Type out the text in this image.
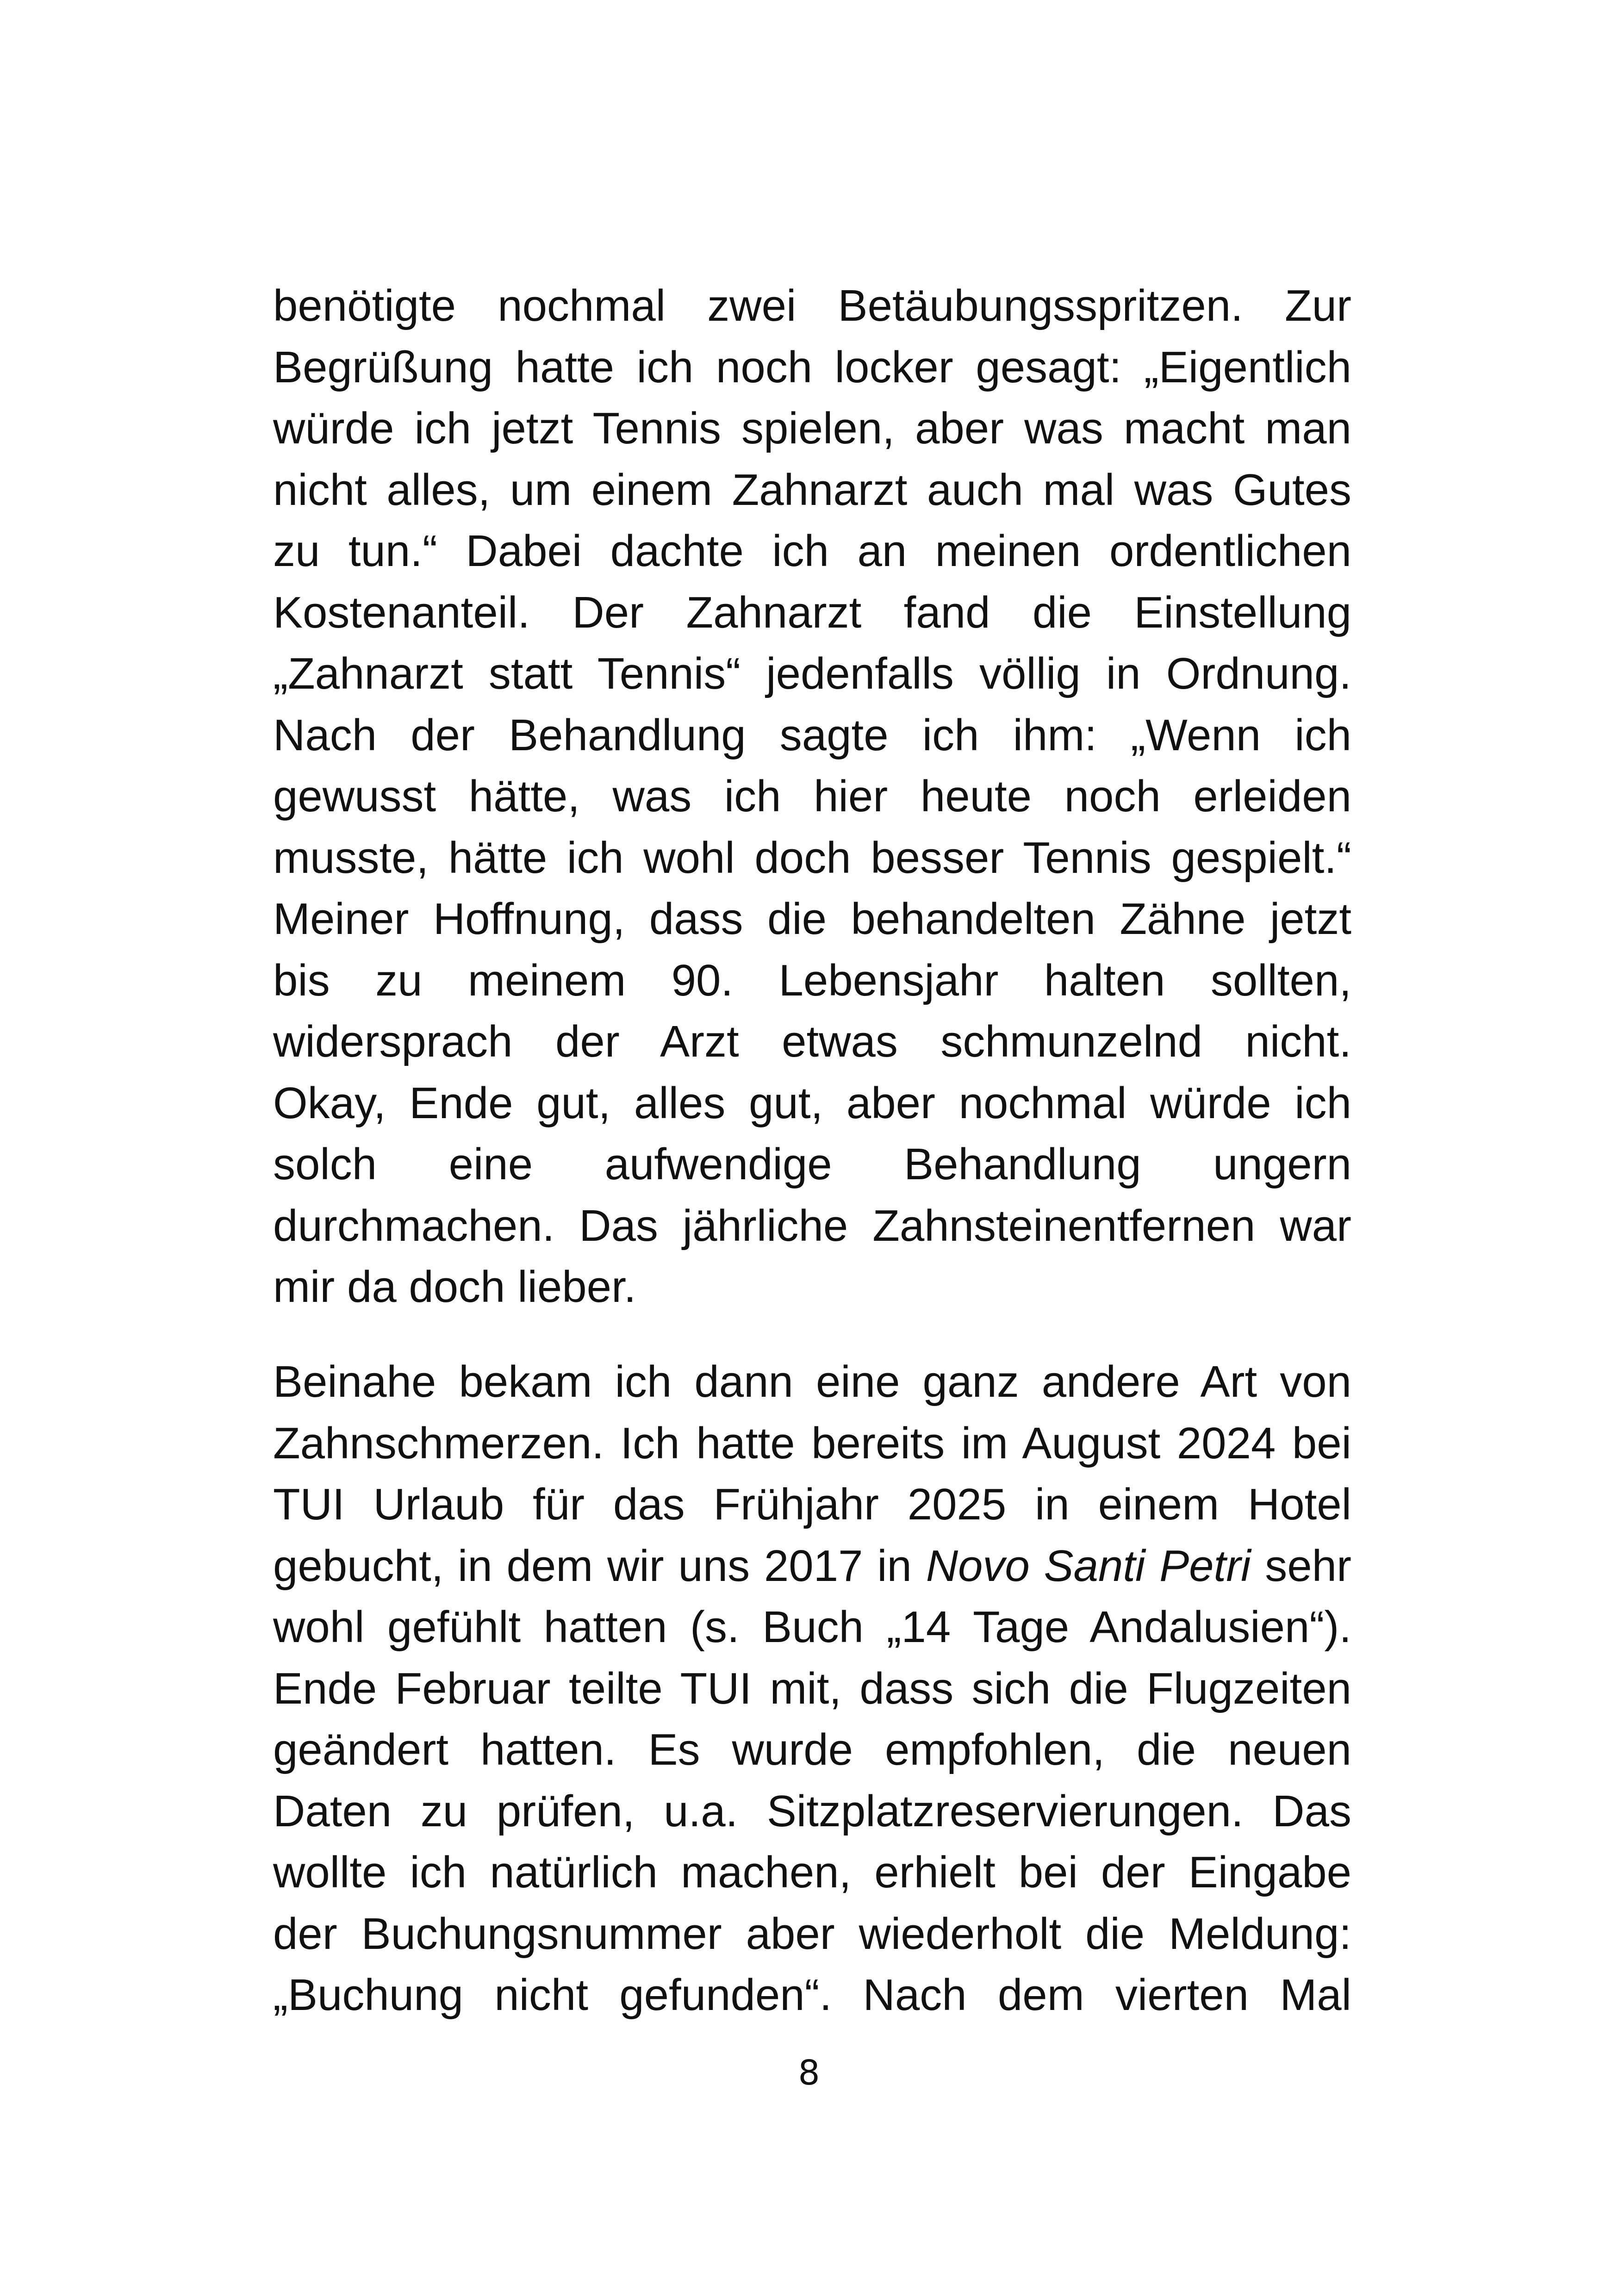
benötigte nochmal zwei Betäubungsspritzen. Zur
Begrüßung hatte ich noch locker gesagt: „Eigentlich
würde ich jetzt Tennis spielen, aber was macht man
nicht alles, um einem Zahnarzt auch mal was Gutes
zu tun.“ Dabei dachte ich an meinen ordentlichen
Kostenanteil. Der Zahnarzt fand die Einstellung
„Zahnarzt statt Tennis“ jedenfalls völlig in Ordnung.
Nach der Behandlung sagte ich ihm: „Wenn ich
gewusst hätte, was ich hier heute noch erleiden
musste, hätte ich wohl doch besser Tennis gespielt.“
Meiner Hoffnung, dass die behandelten Zähne jetzt
bis zu meinem 90. Lebensjahr halten sollten,
widersprach der Arzt etwas schmunzelnd nicht.
Okay, Ende gut, alles gut, aber nochmal würde ich
solch eine aufwendige Behandlung ungern
durchmachen. Das jährliche Zahnsteinentfernen war
mir da doch lieber.
Beinahe bekam ich dann eine ganz andere Art von
Zahnschmerzen. Ich hatte bereits im August 2024 bei
TUI Urlaub für das Frühjahr 2025 in einem Hotel
gebucht, in dem wir uns 2017 in Novo Santi Petri sehr
wohl gefühlt hatten (s. Buch „14 Tage Andalusien“).
Ende Februar teilte TUI mit, dass sich die Flugzeiten
geändert hatten. Es wurde empfohlen, die neuen
Daten zu prüfen, u.a. Sitzplatzreservierungen. Das
wollte ich natürlich machen, erhielt bei der Eingabe
der Buchungsnummer aber wiederholt die Meldung:
„Buchung nicht gefunden“. Nach dem vierten Mal
8
